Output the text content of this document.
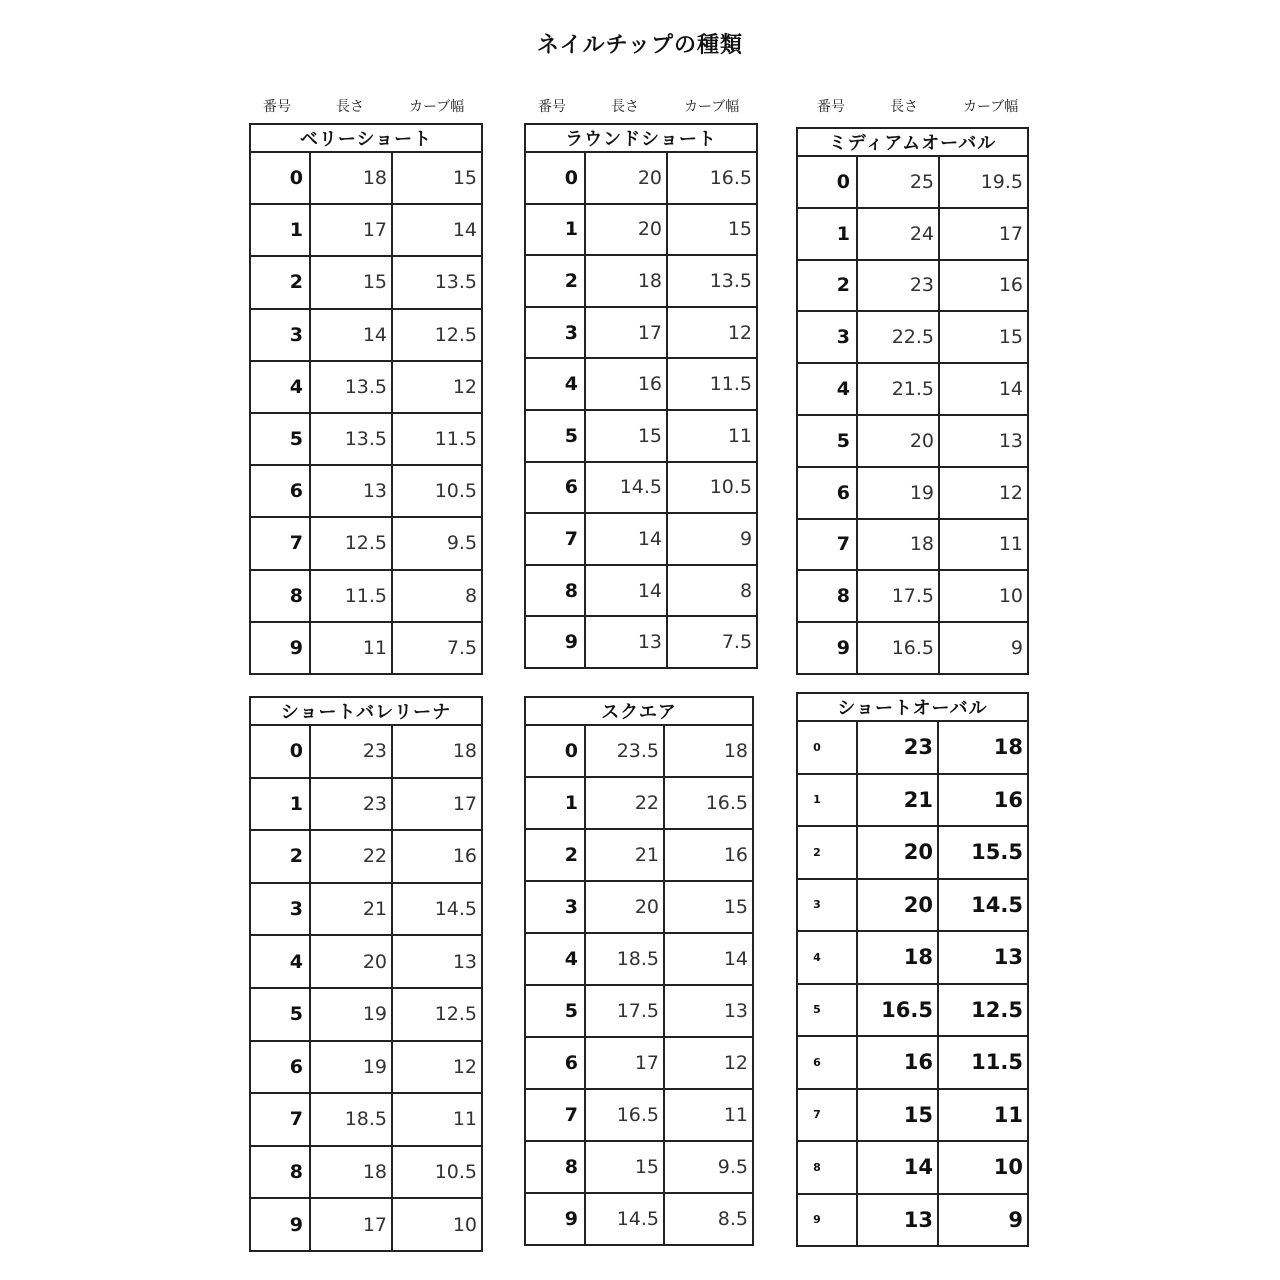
ネイルチップの種類
番号	長さ	カーブ幅	番号	長さ	カーブ幅	番号	長さ	カーブ幅
ベリーショート		
0	18	15
1	17	14
2	15	13.5
3	14	12.5
4	13.5	12
5	13.5	11.5
6	13	10.5
7	12.5	9.5
8	11.5	8
9	11	7.5
ラウンドショート		
0	20	16.5
1	20	15
2	18	13.5
3	17	12
4	16	11.5
5	15	11
6	14.5	10.5
7	14	9
8	14	8
9	13	7.5
ミディアムオーバル		
0	25	19.5
1	24	17
2	23	16
3	22.5	15
4	21.5	14
5	20	13
6	19	12
7	18	11
8	17.5	10
9	16.5	9
ショートバレリーナ		
0	23	18
1	23	17
2	22	16
3	21	14.5
4	20	13
5	19	12.5
6	19	12
7	18.5	11
8	18	10.5
9	17	10
スクエア		
0	23.5	18
1	22	16.5
2	21	16
3	20	15
4	18.5	14
5	17.5	13
6	17	12
7	16.5	11
8	15	9.5
9	14.5	8.5
ショートオーバル		
0	23	18
1	21	16
2	20	15.5
3	20	14.5
4	18	13
5	16.5	12.5
6	16	11.5
7	15	11
8	14	10
9	13	9
